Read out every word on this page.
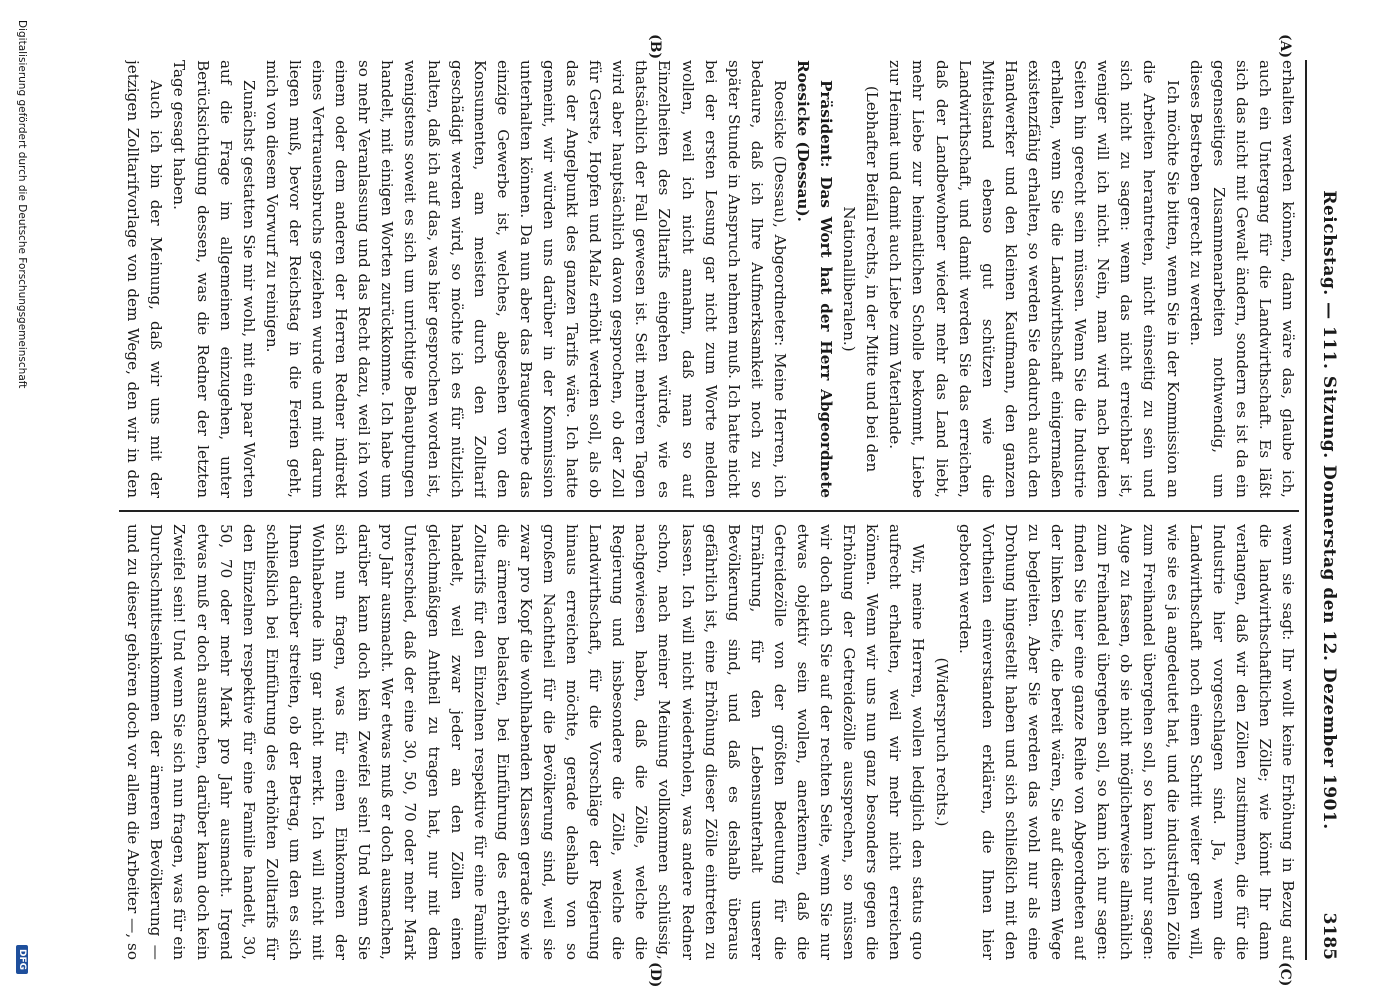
Reichstag. — 111. Sitzung. Donnerstag den 12. Dezember 1901.
3185
(A)
(B)
(C)
(D)

erhalten werden können, dann wäre das, glaube ich, auch ein Untergang für die Landwirthschaft. Es läßt sich das nicht mit Gewalt ändern, sondern es ist da ein gegenseitiges Zusammenarbeiten nothwendig, um dieses Bestreben gerecht zu werden.

Ich möchte Sie bitten, wenn Sie in der Kommission an die Arbeiten herantreten, nicht einseitig zu sein und sich nicht zu sagen: wenn das nicht erreichbar ist, weniger will ich nicht. Nein, man wird nach beiden Seiten hin gerecht sein müssen. Wenn Sie die Industrie erhalten, wenn Sie die Landwirthschaft einigermaßen existenzfähig erhalten, so werden Sie dadurch auch den Handwerker und den kleinen Kaufmann, den ganzen Mittelstand ebenso gut schützen wie die Landwirthschaft, und damit werden Sie das erreichen, daß der Landbewohner wieder mehr das Land liebt, mehr Liebe zur heimatlichen Scholle bekommt, Liebe zur Heimat und damit auch Liebe zum Vaterlande.

(Lebhafter Beifall rechts, in der Mitte und bei den Nationalliberalen.)

Präsident: Das Wort hat der Herr Abgeordnete Roesicke (Dessau).

Roesicke (Dessau), Abgeordneter: Meine Herren, ich bedaure, daß ich Ihre Aufmerksamkeit noch zu so später Stunde in Anspruch nehmen muß. Ich hatte nicht bei der ersten Lesung gar nicht zum Worte melden wollen, weil ich nicht annahm, daß man so auf Einzelheiten des Zolltarifs eingehen würde, wie es thatsächlich der Fall gewesen ist. Seit mehreren Tagen wird aber hauptsächlich davon gesprochen, ob der Zoll für Gerste, Hopfen und Malz erhöht werden soll, als ob das der Angelpunkt des ganzen Tarifs wäre. Ich hatte gemeint, wir würden uns darüber in der Kommission unterhalten können. Da nun aber das Braugewerbe das einzige Gewerbe ist, welches, abgesehen von den Konsumenten, am meisten durch den Zolltarif geschädigt werden wird, so möchte ich es für nützlich halten, daß ich auf das, was hier gesprochen worden ist, wenigstens soweit es sich um unrichtige Behauptungen handelt, mit einigen Worten zurückkomme. Ich habe um so mehr Veranlassung und das Recht dazu, weil ich von einem oder dem anderen der Herren Redner indirekt eines Vertrauensbruchs geziehen wurde und mit darum liegen muß, bevor der Reichstag in die Ferien geht, mich von diesem Vorwurf zu reinigen.

Zunächst gestatten Sie mir wohl, mit ein paar Worten auf die Frage im allgemeinen einzugehen, unter Berücksichtigung dessen, was die Redner der letzten Tage gesagt haben.

Auch ich bin der Meinung, daß wir uns mit der jetzigen Zolltarifvorlage von dem Wege, den wir in den

wenn sie sagt: Ihr wollt keine Erhöhung in Bezug auf die landwirthschaftlichen Zölle; wie könnt Ihr dann verlangen, daß wir den Zöllen zustimmen, die für die Industrie hier vorgeschlagen sind. Ja, wenn die Landwirthschaft noch einen Schritt weiter gehen will, wie sie es ja angedeutet hat, und die industriellen Zölle zum Freihandel übergehen soll, so kann ich nur sagen: Auge zu fassen, ob sie nicht möglicherweise allmählich zum Freihandel übergehen soll, so kann ich nur sagen: finden Sie hier eine ganze Reihe von Abgeordneten auf der linken Seite, die bereit wären, Sie auf diesem Wege zu begleiten. Aber Sie werden das wohl nur als eine Drohung hingestellt haben und sich schließlich mit den Vortheilen einverstanden erklären, die Ihnen hier geboten werden.

(Widerspruch rechts.)

Wir, meine Herren, wollen lediglich den status quo aufrecht erhalten, weil wir mehr nicht erreichen können. Wenn wir uns nun ganz besonders gegen die Erhöhung der Getreidezölle aussprechen, so müssen wir doch auch Sie auf der rechten Seite, wenn Sie nur etwas objektiv sein wollen, anerkennen, daß die Getreidezölle von der größten Bedeutung für die Ernährung, für den Lebensunterhalt unserer Bevölkerung sind, und daß es deshalb überaus gefährlich ist, eine Erhöhung dieser Zölle eintreten zu lassen. Ich will nicht wiederholen, was andere Redner schon, nach meiner Meinung vollkommen schlüssig, nachgewiesen haben, daß die Zölle, welche die Regierung und insbesondere die Zölle, welche die Landwirthschaft, für die Vorschläge der Regierung hinaus erreichen möchte, gerade deshalb von so großem Nachtheil für die Bevölkerung sind, weil sie zwar pro Kopf die wohlhabenden Klassen gerade so wie die ärmeren belasten, bei Einführung des erhöhten Zolltarifs für den Einzelnen respektive für eine Familie handelt, weil zwar jeder an den Zöllen einen gleichmäßigen Antheil zu tragen hat, nur mit dem Unterschied, daß der eine 30, 50, 70 oder mehr Mark pro Jahr ausmacht. Wer etwas muß er doch ausmachen, darüber kann doch kein Zweifel sein! Und wenn Sie sich nun fragen, was für einen Einkommen der Wohlhabende ihn gar nicht merkt. Ich will nicht mit Ihnen darüber streiten, ob der Betrag, um den es sich schließlich bei Einführung des erhöhten Zolltarifs für den Einzelnen respektive für eine Familie handelt, 30, 50, 70 oder mehr Mark pro Jahr ausmacht. Irgend etwas muß er doch ausmachen, darüber kann doch kein Zweifel sein! Und wenn Sie sich nun fragen, was für ein Durchschnittseinkommen der ärmeren Bevölkerung — und zu dieser gehören doch vor allem die Arbeiter —, so

Digitalisierung gefördert durch die Deutsche Forschungsgemeinschaft
DFG
